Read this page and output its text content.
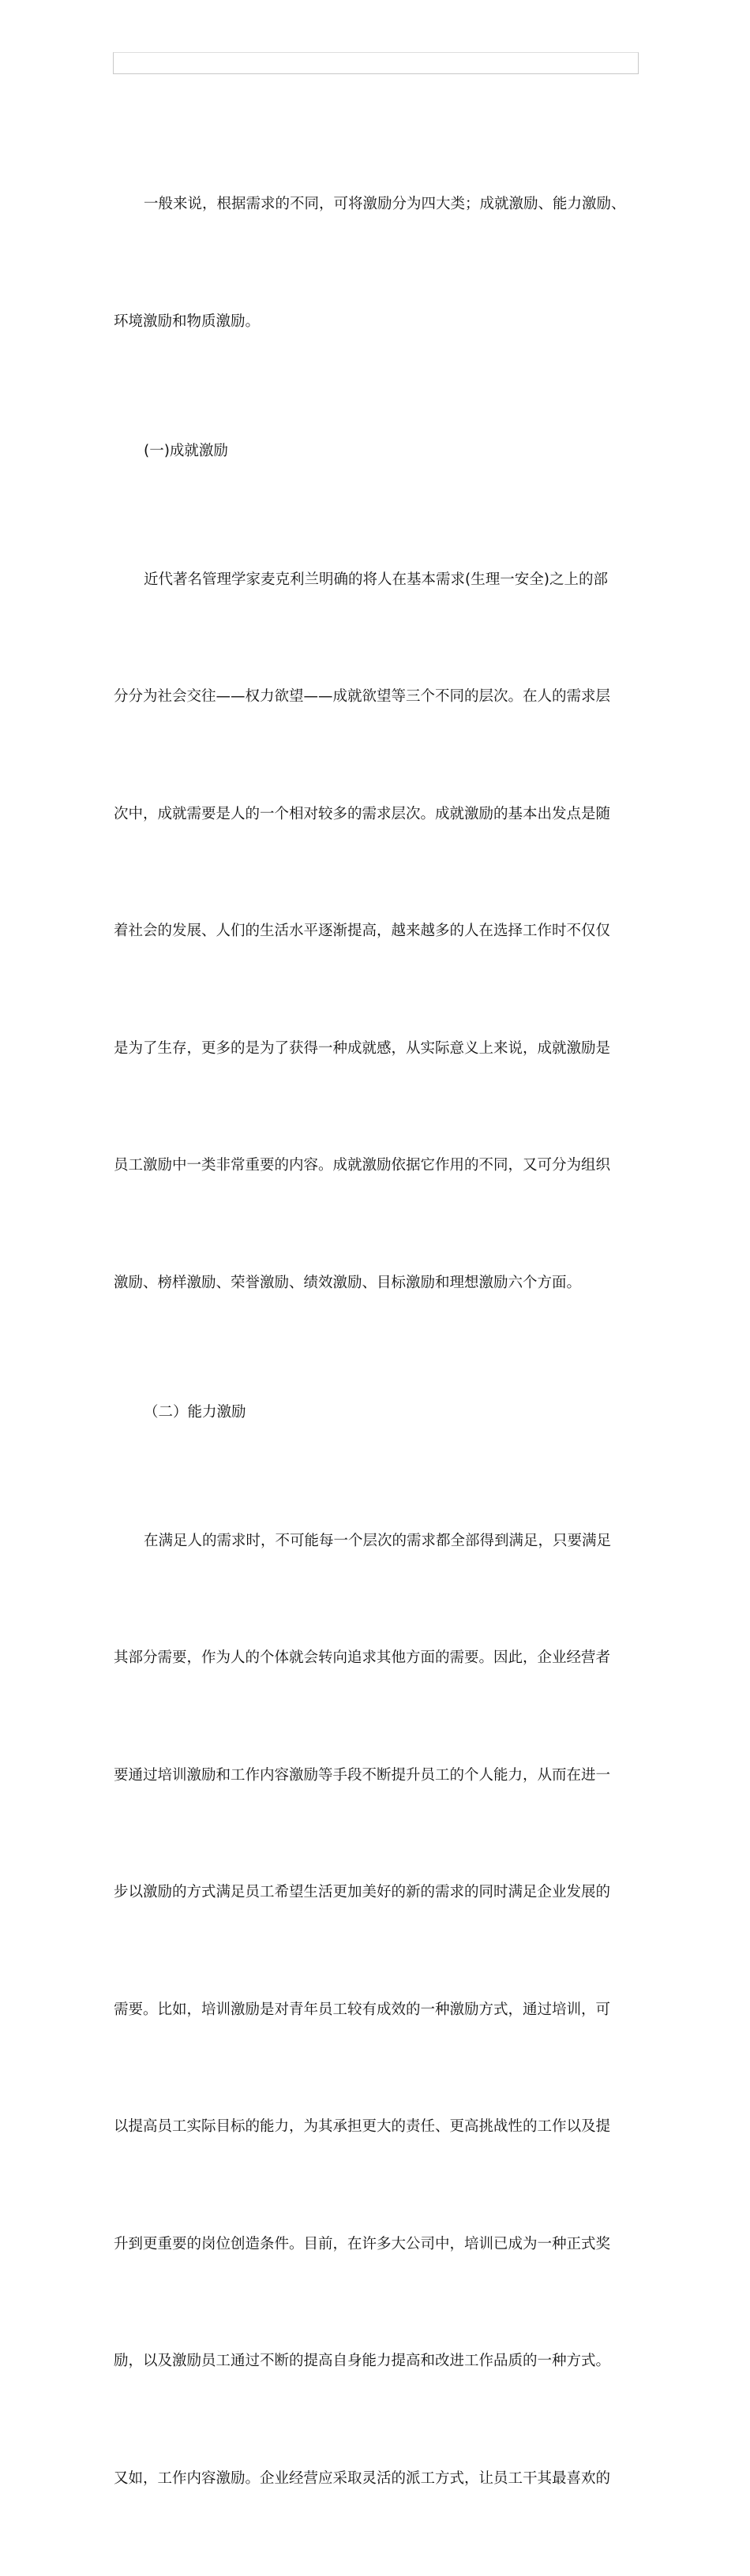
一般来说，根据需求的不同，可将激励分为四大类；成就激励、能力激励、

环境激励和物质激励。

(一)成就激励

近代著名管理学家麦克利兰明确的将人在基本需求(生理一安全)之上的部

分分为社会交往——权力欲望——成就欲望等三个不同的层次。在人的需求层

次中，成就需要是人的一个相对较多的需求层次。成就激励的基本出发点是随

着社会的发展、人们的生活水平逐渐提高，越来越多的人在选择工作时不仅仅

是为了生存，更多的是为了获得一种成就感，从实际意义上来说，成就激励是

员工激励中一类非常重要的内容。成就激励依据它作用的不同，又可分为组织

激励、榜样激励、荣誉激励、绩效激励、目标激励和理想激励六个方面。

（二）能力激励

在满足人的需求时，不可能每一个层次的需求都全部得到满足，只要满足

其部分需要，作为人的个体就会转向追求其他方面的需要。因此，企业经营者

要通过培训激励和工作内容激励等手段不断提升员工的个人能力，从而在进一

步以激励的方式满足员工希望生活更加美好的新的需求的同时满足企业发展的

需要。比如，培训激励是对青年员工较有成效的一种激励方式，通过培训，可

以提高员工实际目标的能力，为其承担更大的责任、更高挑战性的工作以及提

升到更重要的岗位创造条件。目前，在许多大公司中，培训已成为一种正式奖

励，以及激励员工通过不断的提高自身能力提高和改进工作品质的一种方式。

又如，工作内容激励。企业经营应采取灵活的派工方式，让员工干其最喜欢的
